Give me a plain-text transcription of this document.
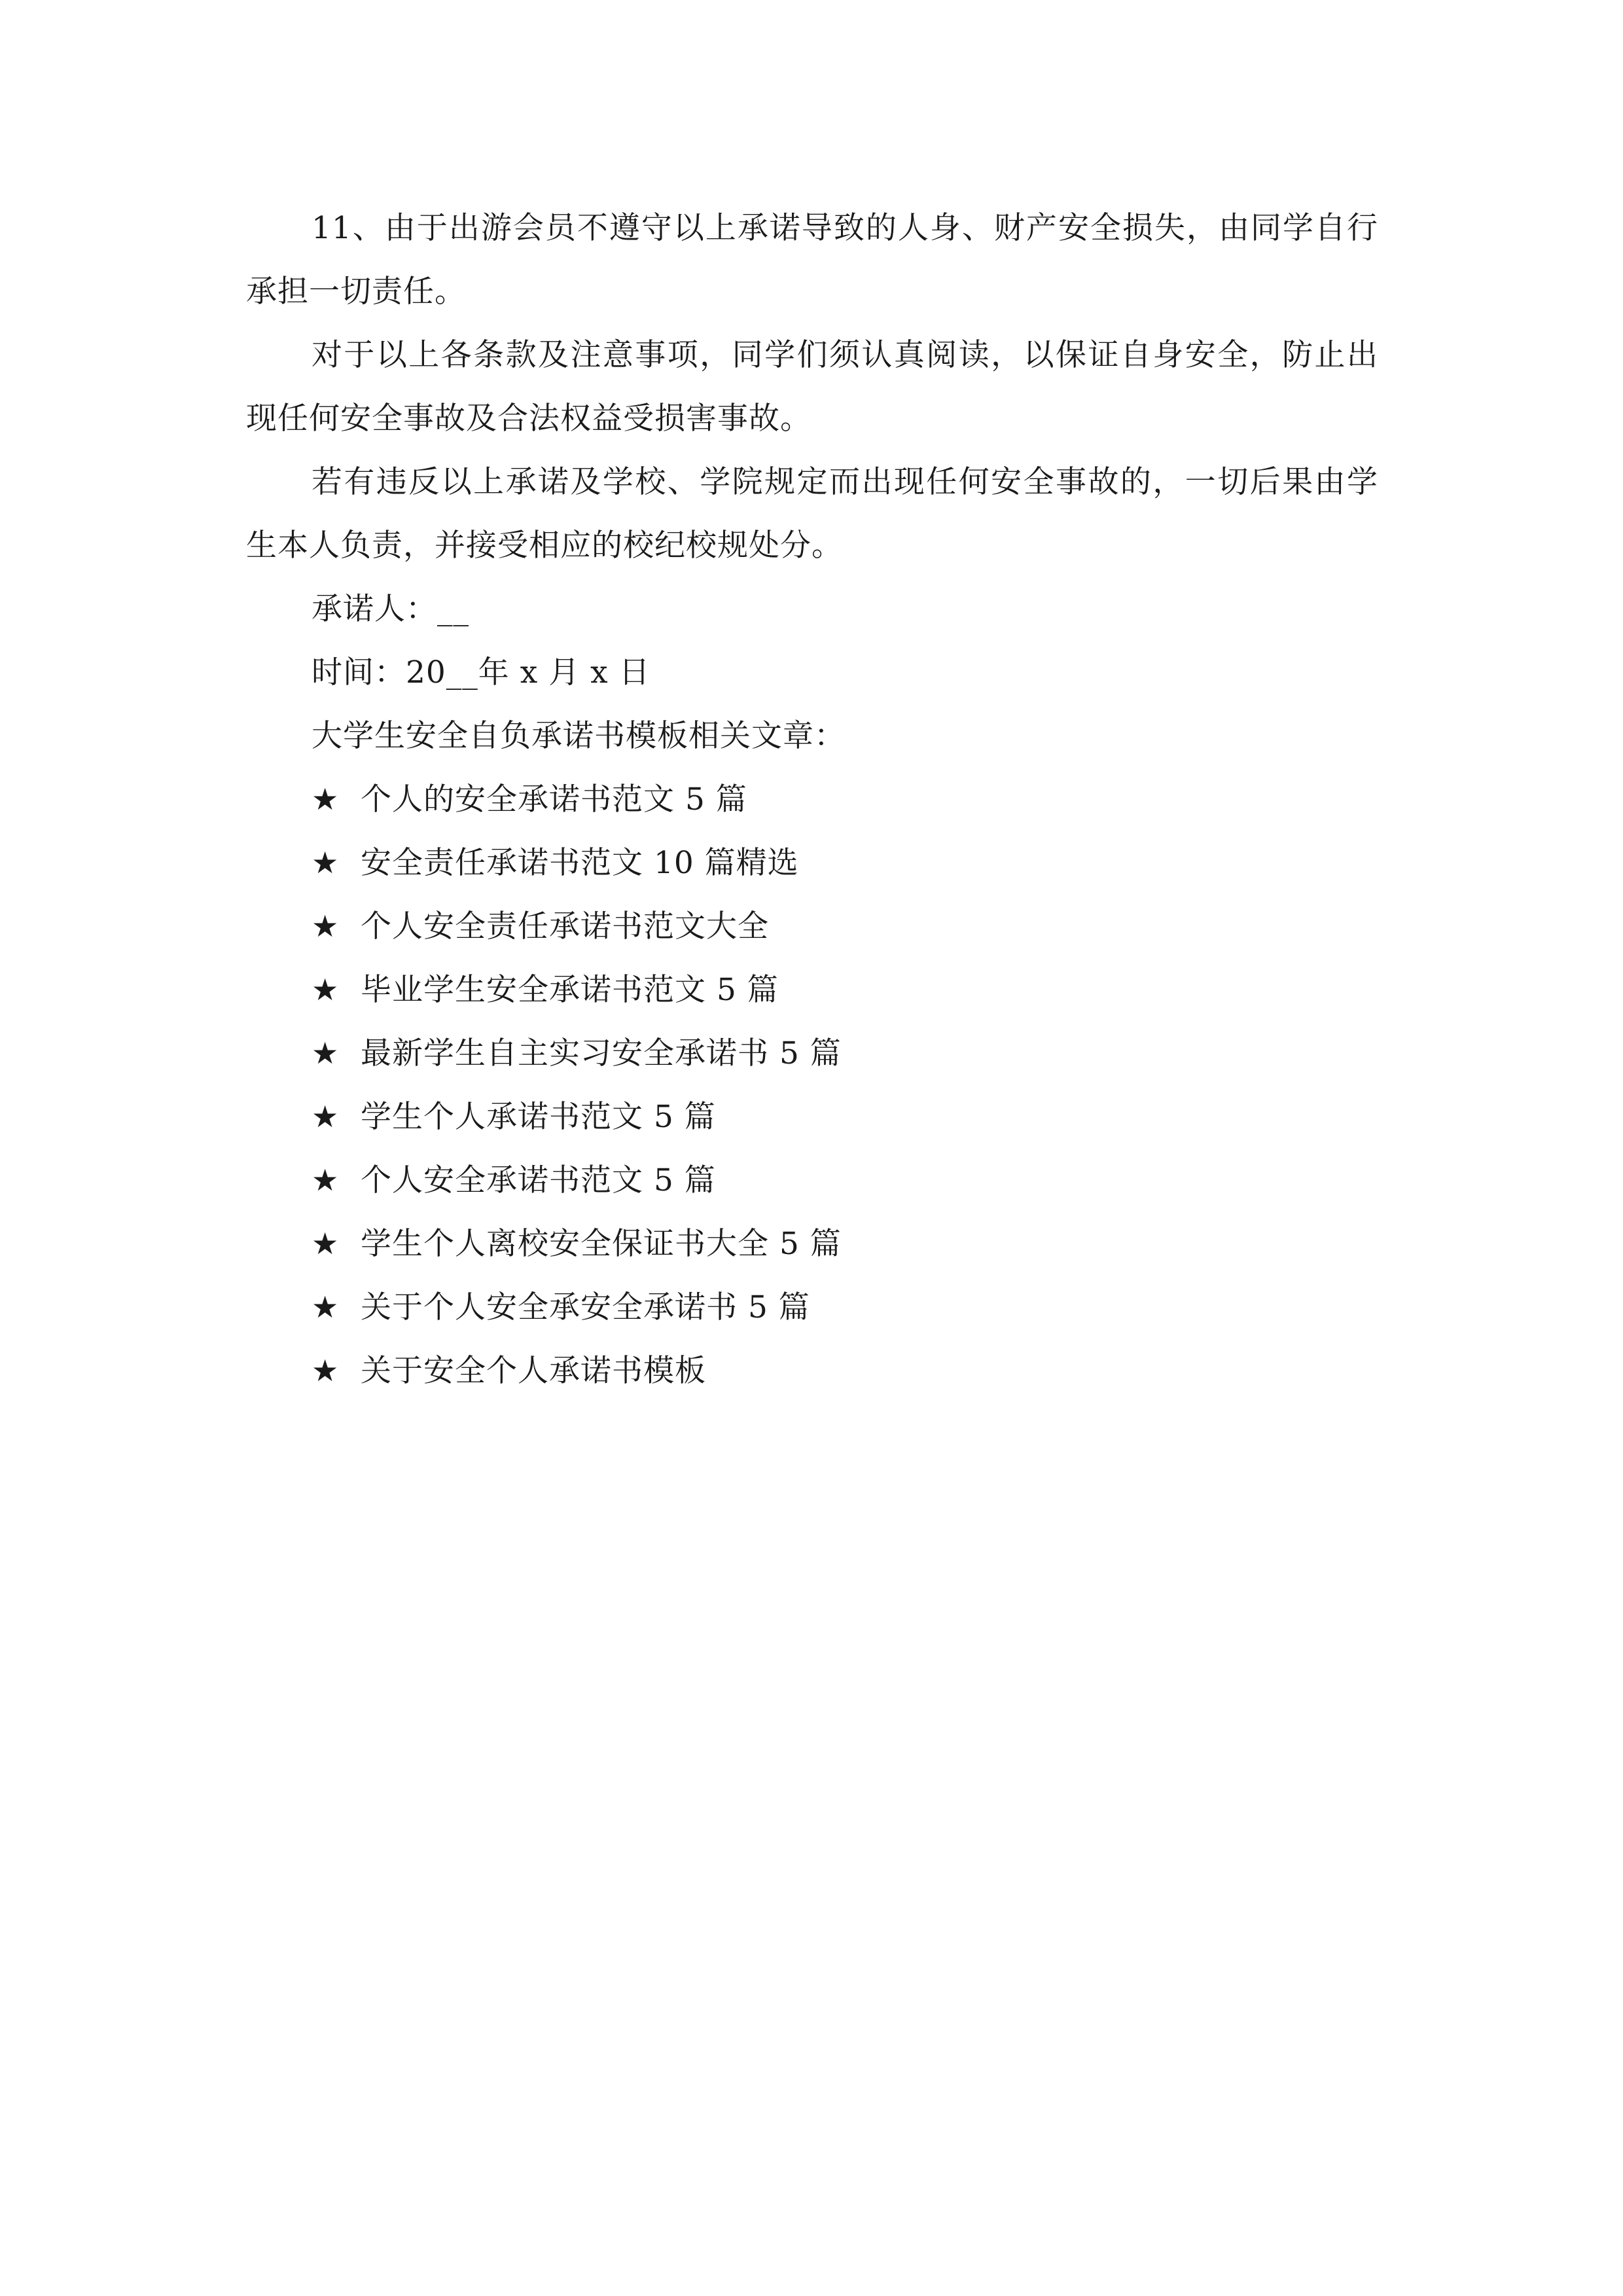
11、由于出游会员不遵守以上承诺导致的人身、财产安全损失，由同学自行承担一切责任。

对于以上各条款及注意事项，同学们须认真阅读，以保证自身安全，防止出现任何安全事故及合法权益受损害事故。

若有违反以上承诺及学校、学院规定而出现任何安全事故的，一切后果由学生本人负责，并接受相应的校纪校规处分。

承诺人：__

时间：20__年 x 月 x 日

大学生安全自负承诺书模板相关文章：

★ 个人的安全承诺书范文 5 篇
★ 安全责任承诺书范文 10 篇精选
★ 个人安全责任承诺书范文大全
★ 毕业学生安全承诺书范文 5 篇
★ 最新学生自主实习安全承诺书 5 篇
★ 学生个人承诺书范文 5 篇
★ 个人安全承诺书范文 5 篇
★ 学生个人离校安全保证书大全 5 篇
★ 关于个人安全承安全承诺书 5 篇
★ 关于安全个人承诺书模板
